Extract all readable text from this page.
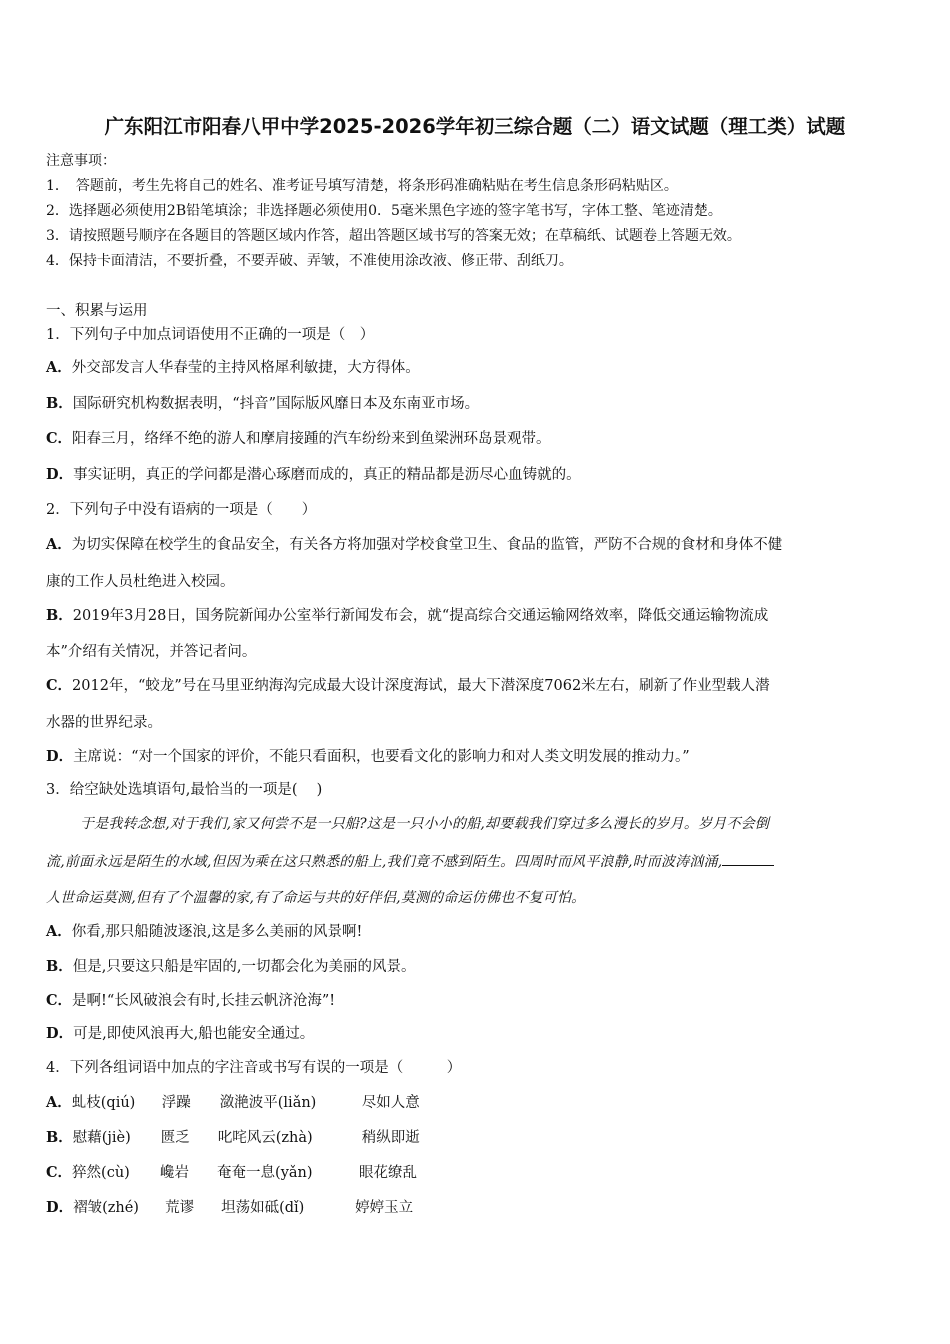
广东阳江市阳春八甲中学2025-2026学年初三综合题（二）语文试题（理工类）试题
注意事项：
1．　答题前，考生先将自己的姓名、准考证号填写清楚，将条形码准确粘贴在考生信息条形码粘贴区。
2．选择题必须使用2B铅笔填涂；非选择题必须使用0．5毫米黑色字迹的签字笔书写，字体工整、笔迹清楚。
3．请按照题号顺序在各题目的答题区域内作答，超出答题区域书写的答案无效；在草稿纸、试题卷上答题无效。
4．保持卡面清洁，不要折叠，不要弄破、弄皱，不准使用涂改液、修正带、刮纸刀。
一、积累与运用
1．下列句子中加点词语使用不正确的一项是（　）
A．外交部发言人华春莹的主持风格犀利敏捷，大方得体。
B．国际研究机构数据表明，“抖音”国际版风靡日本及东南亚市场。
C．阳春三月，络绎不绝的游人和摩肩接踵的汽车纷纷来到鱼梁洲环岛景观带。
D．事实证明，真正的学问都是潜心琢磨而成的，真正的精品都是沥尽心血铸就的。
2．下列句子中没有语病的一项是（　　）
A．为切实保障在校学生的食品安全，有关各方将加强对学校食堂卫生、食品的监管，严防不合规的食材和身体不健
康的工作人员杜绝进入校园。
B．2019年3月28日，国务院新闻办公室举行新闻发布会，就“提高综合交通运输网络效率，降低交通运输物流成
本”介绍有关情况，并答记者问。
C．2012年，“蛟龙”号在马里亚纳海沟完成最大设计深度海试，最大下潜深度7062米左右，刷新了作业型载人潜
水器的世界纪录。
D．主席说：“对一个国家的评价，不能只看面积，也要看文化的影响力和对人类文明发展的推动力。”
3．给空缺处选填语句,最恰当的一项是(　 )
于是我转念想,对于我们,家又何尝不是一只船?这是一只小小的船,却要载我们穿过多么漫长的岁月。岁月不会倒
流,前面永远是陌生的水域,但因为乘在这只熟悉的船上,我们竟不感到陌生。四周时而风平浪静,时而波涛汹涌,
人世命运莫测,但有了个温馨的家,有了命运与共的好伴侣,莫测的命运仿佛也不复可怕。
A．你看,那只船随波逐浪,这是多么美丽的风景啊!
B．但是,只要这只船是牢固的,一切都会化为美丽的风景。
C．是啊!“长风破浪会有时,长挂云帆济沧海”!
D．可是,即使风浪再大,船也能安全通过。
4．下列各组词语中加点的字注音或书写有误的一项是（　　　）
A．虬枝(qiú) 浮躁 潋滟波平(liǎn)	尽如人意
B．慰藉(jiè) 匮乏 叱咤风云(zhà)	稍纵即逝
C．猝然(cù) 巉岩 奄奄一息(yǎn)	眼花缭乱
D．褶皱(zhé) 荒谬 坦荡如砥(dǐ)	婷婷玉立
